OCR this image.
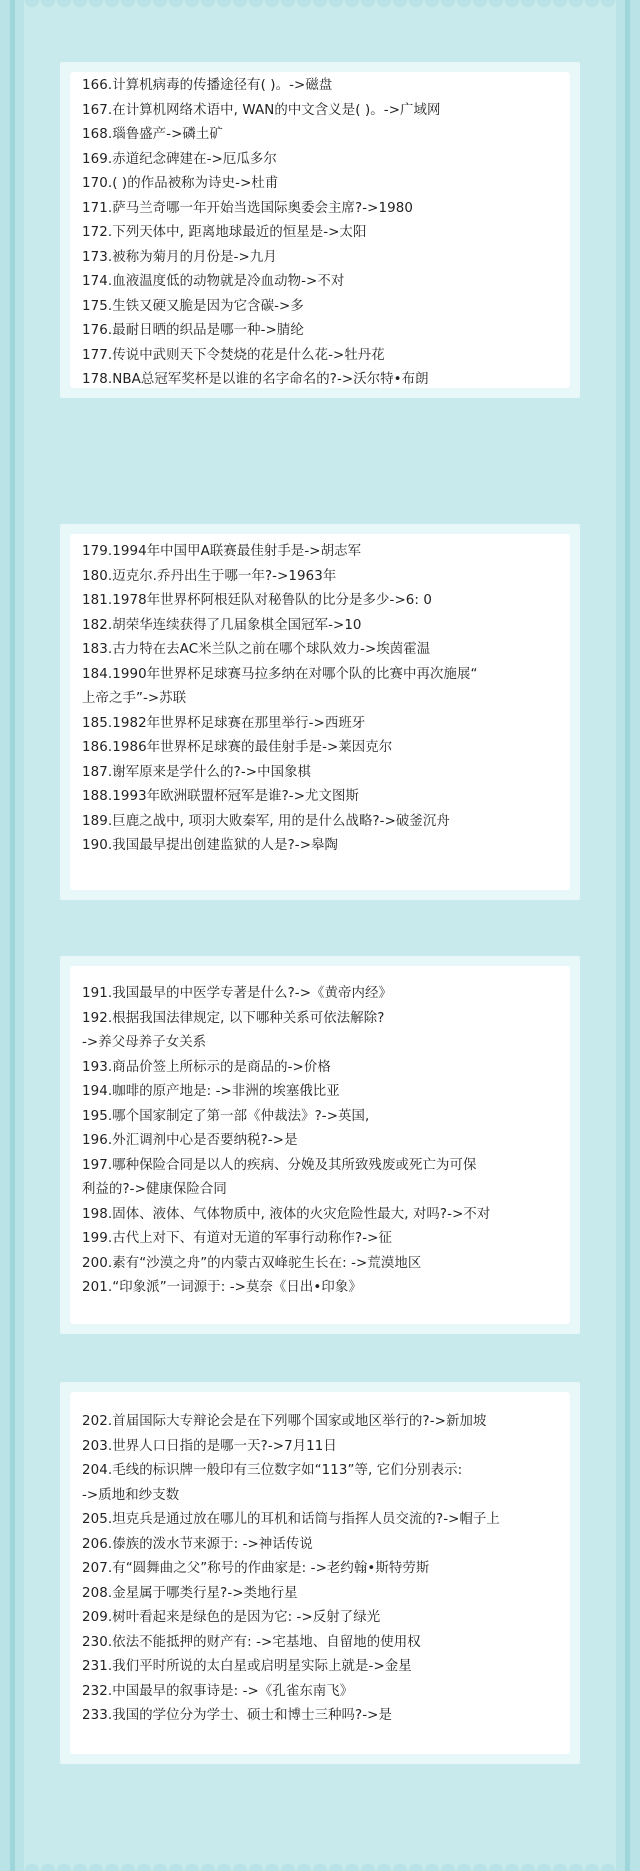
166.计算机病毒的传播途径有( )。->磁盘
167.在计算机网络术语中, WAN的中文含义是( )。->广域网
168.瑙鲁盛产->磷土矿
169.赤道纪念碑建在->厄瓜多尔
170.( )的作品被称为诗史->杜甫
171.萨马兰奇哪一年开始当选国际奥委会主席?->1980
172.下列天体中, 距离地球最近的恒星是->太阳
173.被称为菊月的月份是->九月
174.血液温度低的动物就是冷血动物->不对
175.生铁又硬又脆是因为它含碳->多
176.最耐日晒的织品是哪一种->腈纶
177.传说中武则天下令焚烧的花是什么花->牡丹花
178.NBA总冠军奖杯是以谁的名字命名的?->沃尔特•布朗
179.1994年中国甲A联赛最佳射手是->胡志军
180.迈克尔.乔丹出生于哪一年?->1963年
181.1978年世界杯阿根廷队对秘鲁队的比分是多少->6: 0
182.胡荣华连续获得了几届象棋全国冠军->10
183.古力特在去AC米兰队之前在哪个球队效力->埃茵霍温
184.1990年世界杯足球赛马拉多纳在对哪个队的比赛中再次施展“
上帝之手”->苏联
185.1982年世界杯足球赛在那里举行->西班牙
186.1986年世界杯足球赛的最佳射手是->莱因克尔
187.谢军原来是学什么的?->中国象棋
188.1993年欧洲联盟杯冠军是谁?->尤文图斯
189.巨鹿之战中, 项羽大败秦军, 用的是什么战略?->破釜沉舟
190.我国最早提出创建监狱的人是?->皋陶
191.我国最早的中医学专著是什么?->《黄帝内经》
192.根据我国法律规定, 以下哪种关系可依法解除?
->养父母养子女关系
193.商品价签上所标示的是商品的->价格
194.咖啡的原产地是: ->非洲的埃塞俄比亚
195.哪个国家制定了第一部《仲裁法》?->英国,
196.外汇调剂中心是否要纳税?->是
197.哪种保险合同是以人的疾病、分娩及其所致残废或死亡为可保
利益的?->健康保险合同
198.固体、液体、气体物质中, 液体的火灾危险性最大, 对吗?->不对
199.古代上对下、有道对无道的军事行动称作?->征
200.素有“沙漠之舟”的内蒙古双峰驼生长在: ->荒漠地区
201.“印象派”一词源于: ->莫奈《日出•印象》
202.首届国际大专辩论会是在下列哪个国家或地区举行的?->新加坡
203.世界人口日指的是哪一天?->7月11日
204.毛线的标识牌一般印有三位数字如“113”等, 它们分别表示:
->质地和纱支数
205.坦克兵是通过放在哪儿的耳机和话筒与指挥人员交流的?->帽子上
206.傣族的泼水节来源于: ->神话传说
207.有“圆舞曲之父”称号的作曲家是: ->老约翰•斯特劳斯
208.金星属于哪类行星?->类地行星
209.树叶看起来是绿色的是因为它: ->反射了绿光
230.依法不能抵押的财产有: ->宅基地、自留地的使用权
231.我们平时所说的太白星或启明星实际上就是->金星
232.中国最早的叙事诗是: ->《孔雀东南飞》
233.我国的学位分为学士、硕士和博士三种吗?->是
